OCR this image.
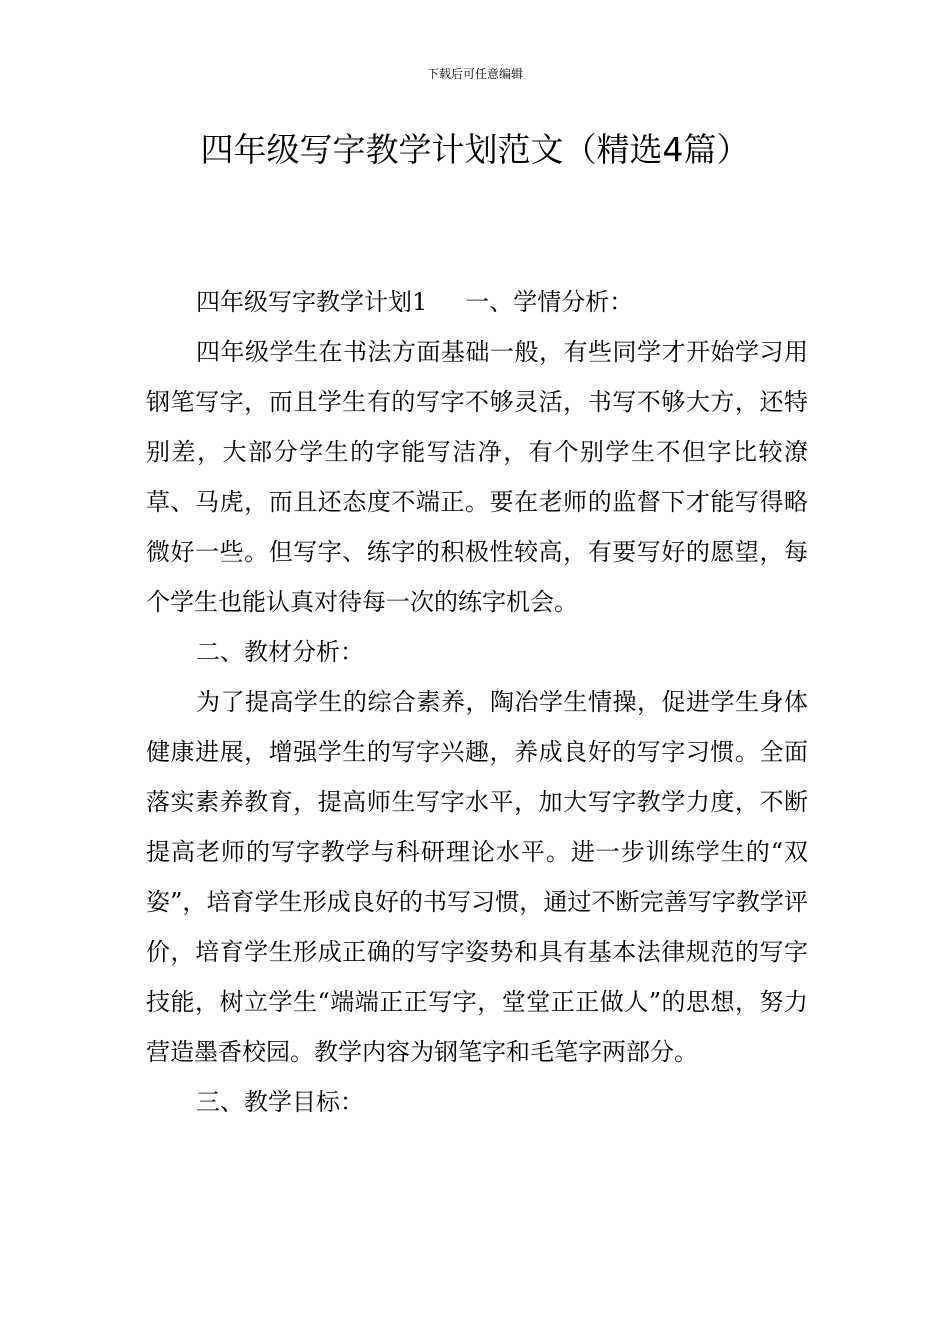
下载后可任意编辑
四年级写字教学计划范文（精选4篇）

四年级写字教学计划1 一、学情分析：

四年级学生在书法方面基础一般，有些同学才开始学习用钢笔写字，而且学生有的写字不够灵活，书写不够大方，还特别差，大部分学生的字能写洁净，有个别学生不但字比较潦草、马虎，而且还态度不端正。要在老师的监督下才能写得略微好一些。但写字、练字的积极性较高，有要写好的愿望，每个学生也能认真对待每一次的练字机会。

二、教材分析：

为了提高学生的综合素养，陶冶学生情操，促进学生身体健康进展，增强学生的写字兴趣，养成良好的写字习惯。全面落实素养教育，提高师生写字水平，加大写字教学力度，不断提高老师的写字教学与科研理论水平。进一步训练学生的“双姿”，培育学生形成良好的书写习惯，通过不断完善写字教学评价，培育学生形成正确的写字姿势和具有基本法律规范的写字技能，树立学生“端端正正写字，堂堂正正做人”的思想，努力营造墨香校园。教学内容为钢笔字和毛笔字两部分。

三、教学目标：
